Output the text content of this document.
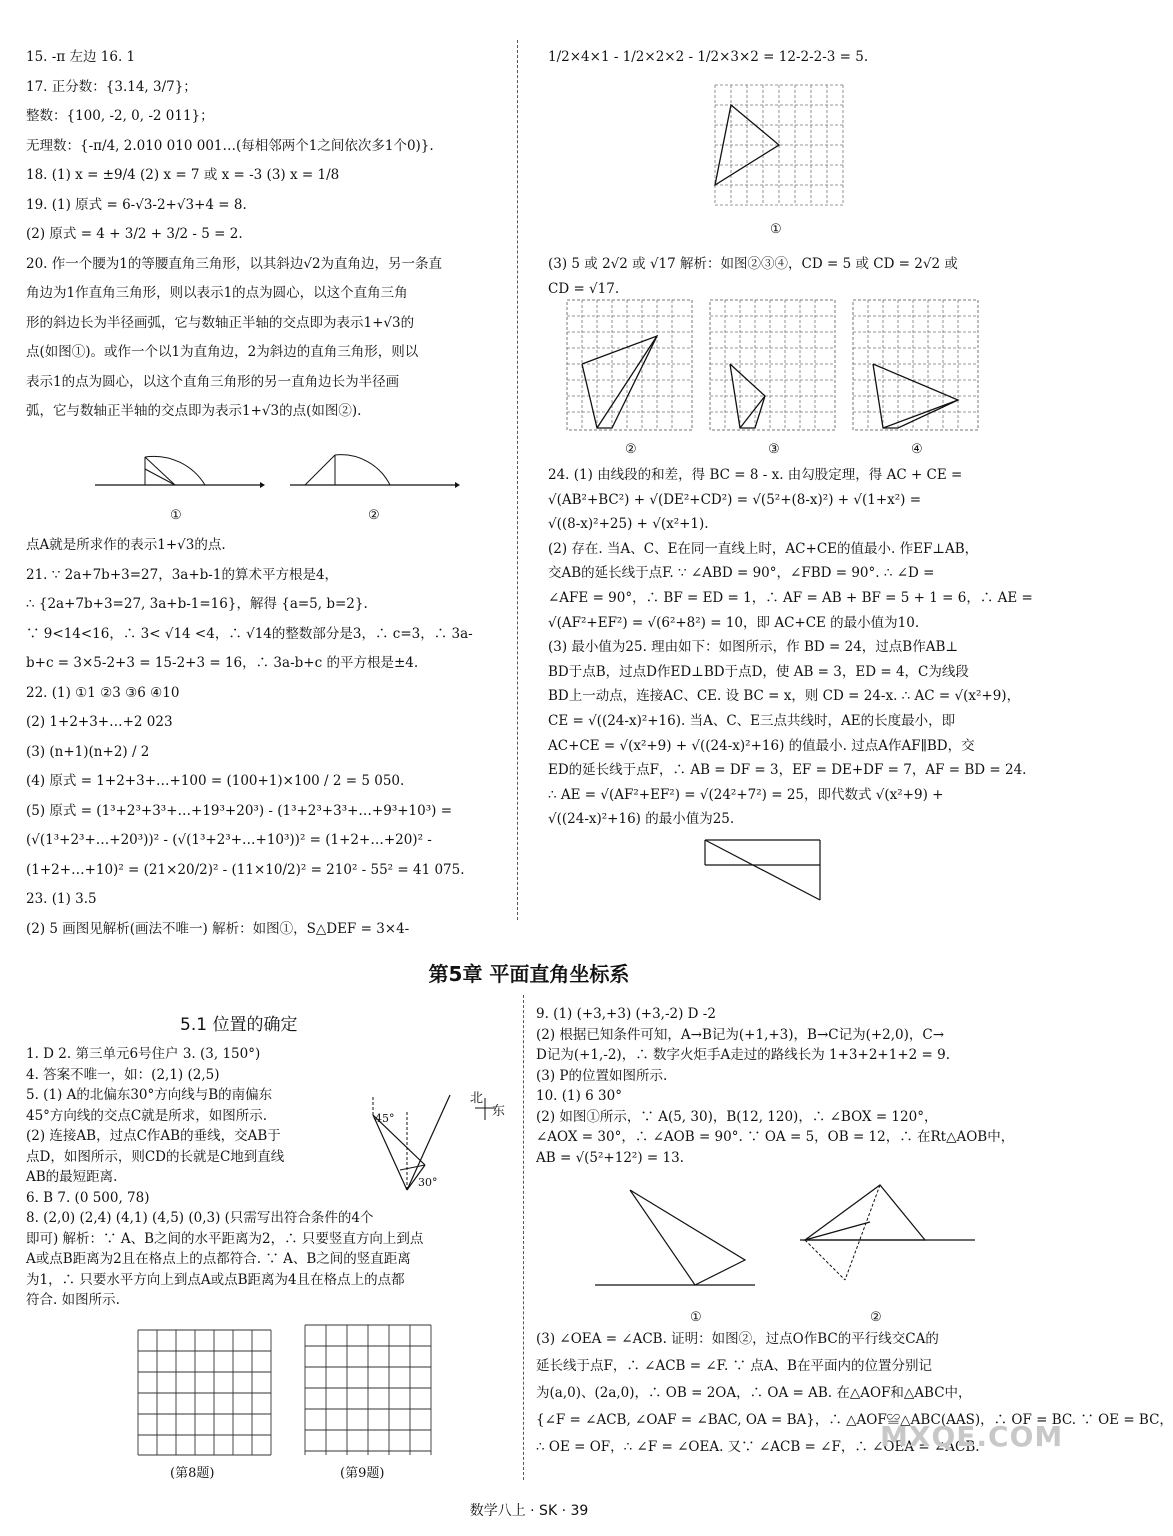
15. -π 左边 16. 1
17. 正分数：{3.14, 3/7}；
整数：{100, -2, 0, -2 011}；
无理数：{-π/4, 2.010 010 001…(每相邻两个1之间依次多1个0)}.
18. (1) x = ±9/4 (2) x = 7 或 x = -3 (3) x = 1/8
19. (1) 原式 = 6-√3-2+√3+4 = 8.
(2) 原式 = 4 + 3/2 + 3/2 - 5 = 2.
20. 作一个腰为1的等腰直角三角形，以其斜边√2为直角边，另一条直
角边为1作直角三角形，则以表示1的点为圆心，以这个直角三角
形的斜边长为半径画弧，它与数轴正半轴的交点即为表示1+√3的
点(如图①)。或作一个以1为直角边，2为斜边的直角三角形，则以
表示1的点为圆心，以这个直角三角形的另一直角边长为半径画
弧，它与数轴正半轴的交点即为表示1+√3的点(如图②).
点A就是所求作的表示1+√3的点.
21. ∵ 2a+7b+3=27，3a+b-1的算术平方根是4，
∴ {2a+7b+3=27, 3a+b-1=16}，解得 {a=5, b=2}.
∵ 9<14<16，∴ 3< √14 <4，∴ √14的整数部分是3，∴ c=3，∴ 3a-
b+c = 3×5-2+3 = 15-2+3 = 16，∴ 3a-b+c 的平方根是±4.
22. (1) ①1 ②3 ③6 ④10
(2) 1+2+3+…+2 023
(3) (n+1)(n+2) / 2
(4) 原式 = 1+2+3+…+100 = (100+1)×100 / 2 = 5 050.
(5) 原式 = (1³+2³+3³+…+19³+20³) - (1³+2³+3³+…+9³+10³) =
(√(1³+2³+…+20³))² - (√(1³+2³+…+10³))² = (1+2+…+20)² -
(1+2+…+10)² = (21×20/2)² - (11×10/2)² = 210² - 55² = 41 075.
23. (1) 3.5
(2) 5 画图见解析(画法不唯一) 解析：如图①，S△DEF = 3×4-
1/2×4×1 - 1/2×2×2 - 1/2×3×2 = 12-2-2-3 = 5.
(3) 5 或 2√2 或 √17 解析：如图②③④，CD = 5 或 CD = 2√2 或
CD = √17.
24. (1) 由线段的和差，得 BC = 8 - x. 由勾股定理，得 AC + CE =
√(AB²+BC²) + √(DE²+CD²) = √(5²+(8-x)²) + √(1+x²) =
√((8-x)²+25) + √(x²+1).
(2) 存在. 当A、C、E在同一直线上时，AC+CE的值最小. 作EF⊥AB，
交AB的延长线于点F. ∵ ∠ABD = 90°，∠FBD = 90°. ∴ ∠D =
∠AFE = 90°，∴ BF = ED = 1，∴ AF = AB + BF = 5 + 1 = 6，∴ AE =
√(AF²+EF²) = √(6²+8²) = 10，即 AC+CE 的最小值为10.
(3) 最小值为25. 理由如下：如图所示，作 BD = 24，过点B作AB⊥
BD于点B，过点D作ED⊥BD于点D，使 AB = 3，ED = 4，C为线段
BD上一动点，连接AC、CE. 设 BC = x，则 CD = 24-x. ∴ AC = √(x²+9)，
CE = √((24-x)²+16). 当A、C、E三点共线时，AE的长度最小，即
AC+CE = √(x²+9) + √((24-x)²+16) 的值最小. 过点A作AF∥BD，交
ED的延长线于点F，∴ AB = DF = 3，EF = DE+DF = 7，AF = BD = 24.
∴ AE = √(AF²+EF²) = √(24²+7²) = 25，即代数式 √(x²+9) +
√((24-x)²+16) 的最小值为25.
1. D 2. 第三单元6号住户 3. (3, 150°)
4. 答案不唯一，如：(2,1) (2,5)
5. (1) A的北偏东30°方向线与B的南偏东
45°方向线的交点C就是所求，如图所示.
(2) 连接AB，过点C作AB的垂线，交AB于
点D，如图所示，则CD的长就是C地到直线
AB的最短距离.
6. B 7. (0 500, 78)
8. (2,0) (2,4) (4,1) (4,5) (0,3) (只需写出符合条件的4个
即可) 解析：∵ A、B之间的水平距离为2，∴ 只要竖直方向上到点
A或点B距离为2且在格点上的点都符合. ∵ A、B之间的竖直距离
为1，∴ 只要水平方向上到点A或点B距离为4且在格点上的点都
符合. 如图所示.
9. (1) (+3,+3) (+3,-2) D -2
(2) 根据已知条件可知，A→B记为(+1,+3)，B→C记为(+2,0)，C→
D记为(+1,-2)，∴ 数字火炬手A走过的路线长为 1+3+2+1+2 = 9.
(3) P的位置如图所示.
10. (1) 6 30°
(2) 如图①所示，∵ A(5, 30)，B(12, 120)，∴ ∠BOX = 120°，
∠AOX = 30°，∴ ∠AOB = 90°. ∵ OA = 5，OB = 12，∴ 在Rt△AOB中，
AB = √(5²+12²) = 13.
(3) ∠OEA = ∠ACB. 证明：如图②，过点O作BC的平行线交CA的
延长线于点F，∴ ∠ACB = ∠F. ∵ 点A、B在平面内的位置分别记
为(a,0)、(2a,0)，∴ OB = 2OA，∴ OA = AB. 在△AOF和△ABC中，
{∠F = ∠ACB, ∠OAF = ∠BAC, OA = BA}，∴ △AOF≌△ABC(AAS)，∴ OF = BC. ∵ OE = BC，
∴ OE = OF，∴ ∠F = ∠OEA. 又∵ ∠ACB = ∠F，∴ ∠OEA = ∠ACB.
第5章 平面直角坐标系
5.1 位置的确定
①	②
①
②	③	④
北
东
45°
30°
(第8题)	(第9题)
①	②
MXQE.COM
数学八上 · SK · 39
